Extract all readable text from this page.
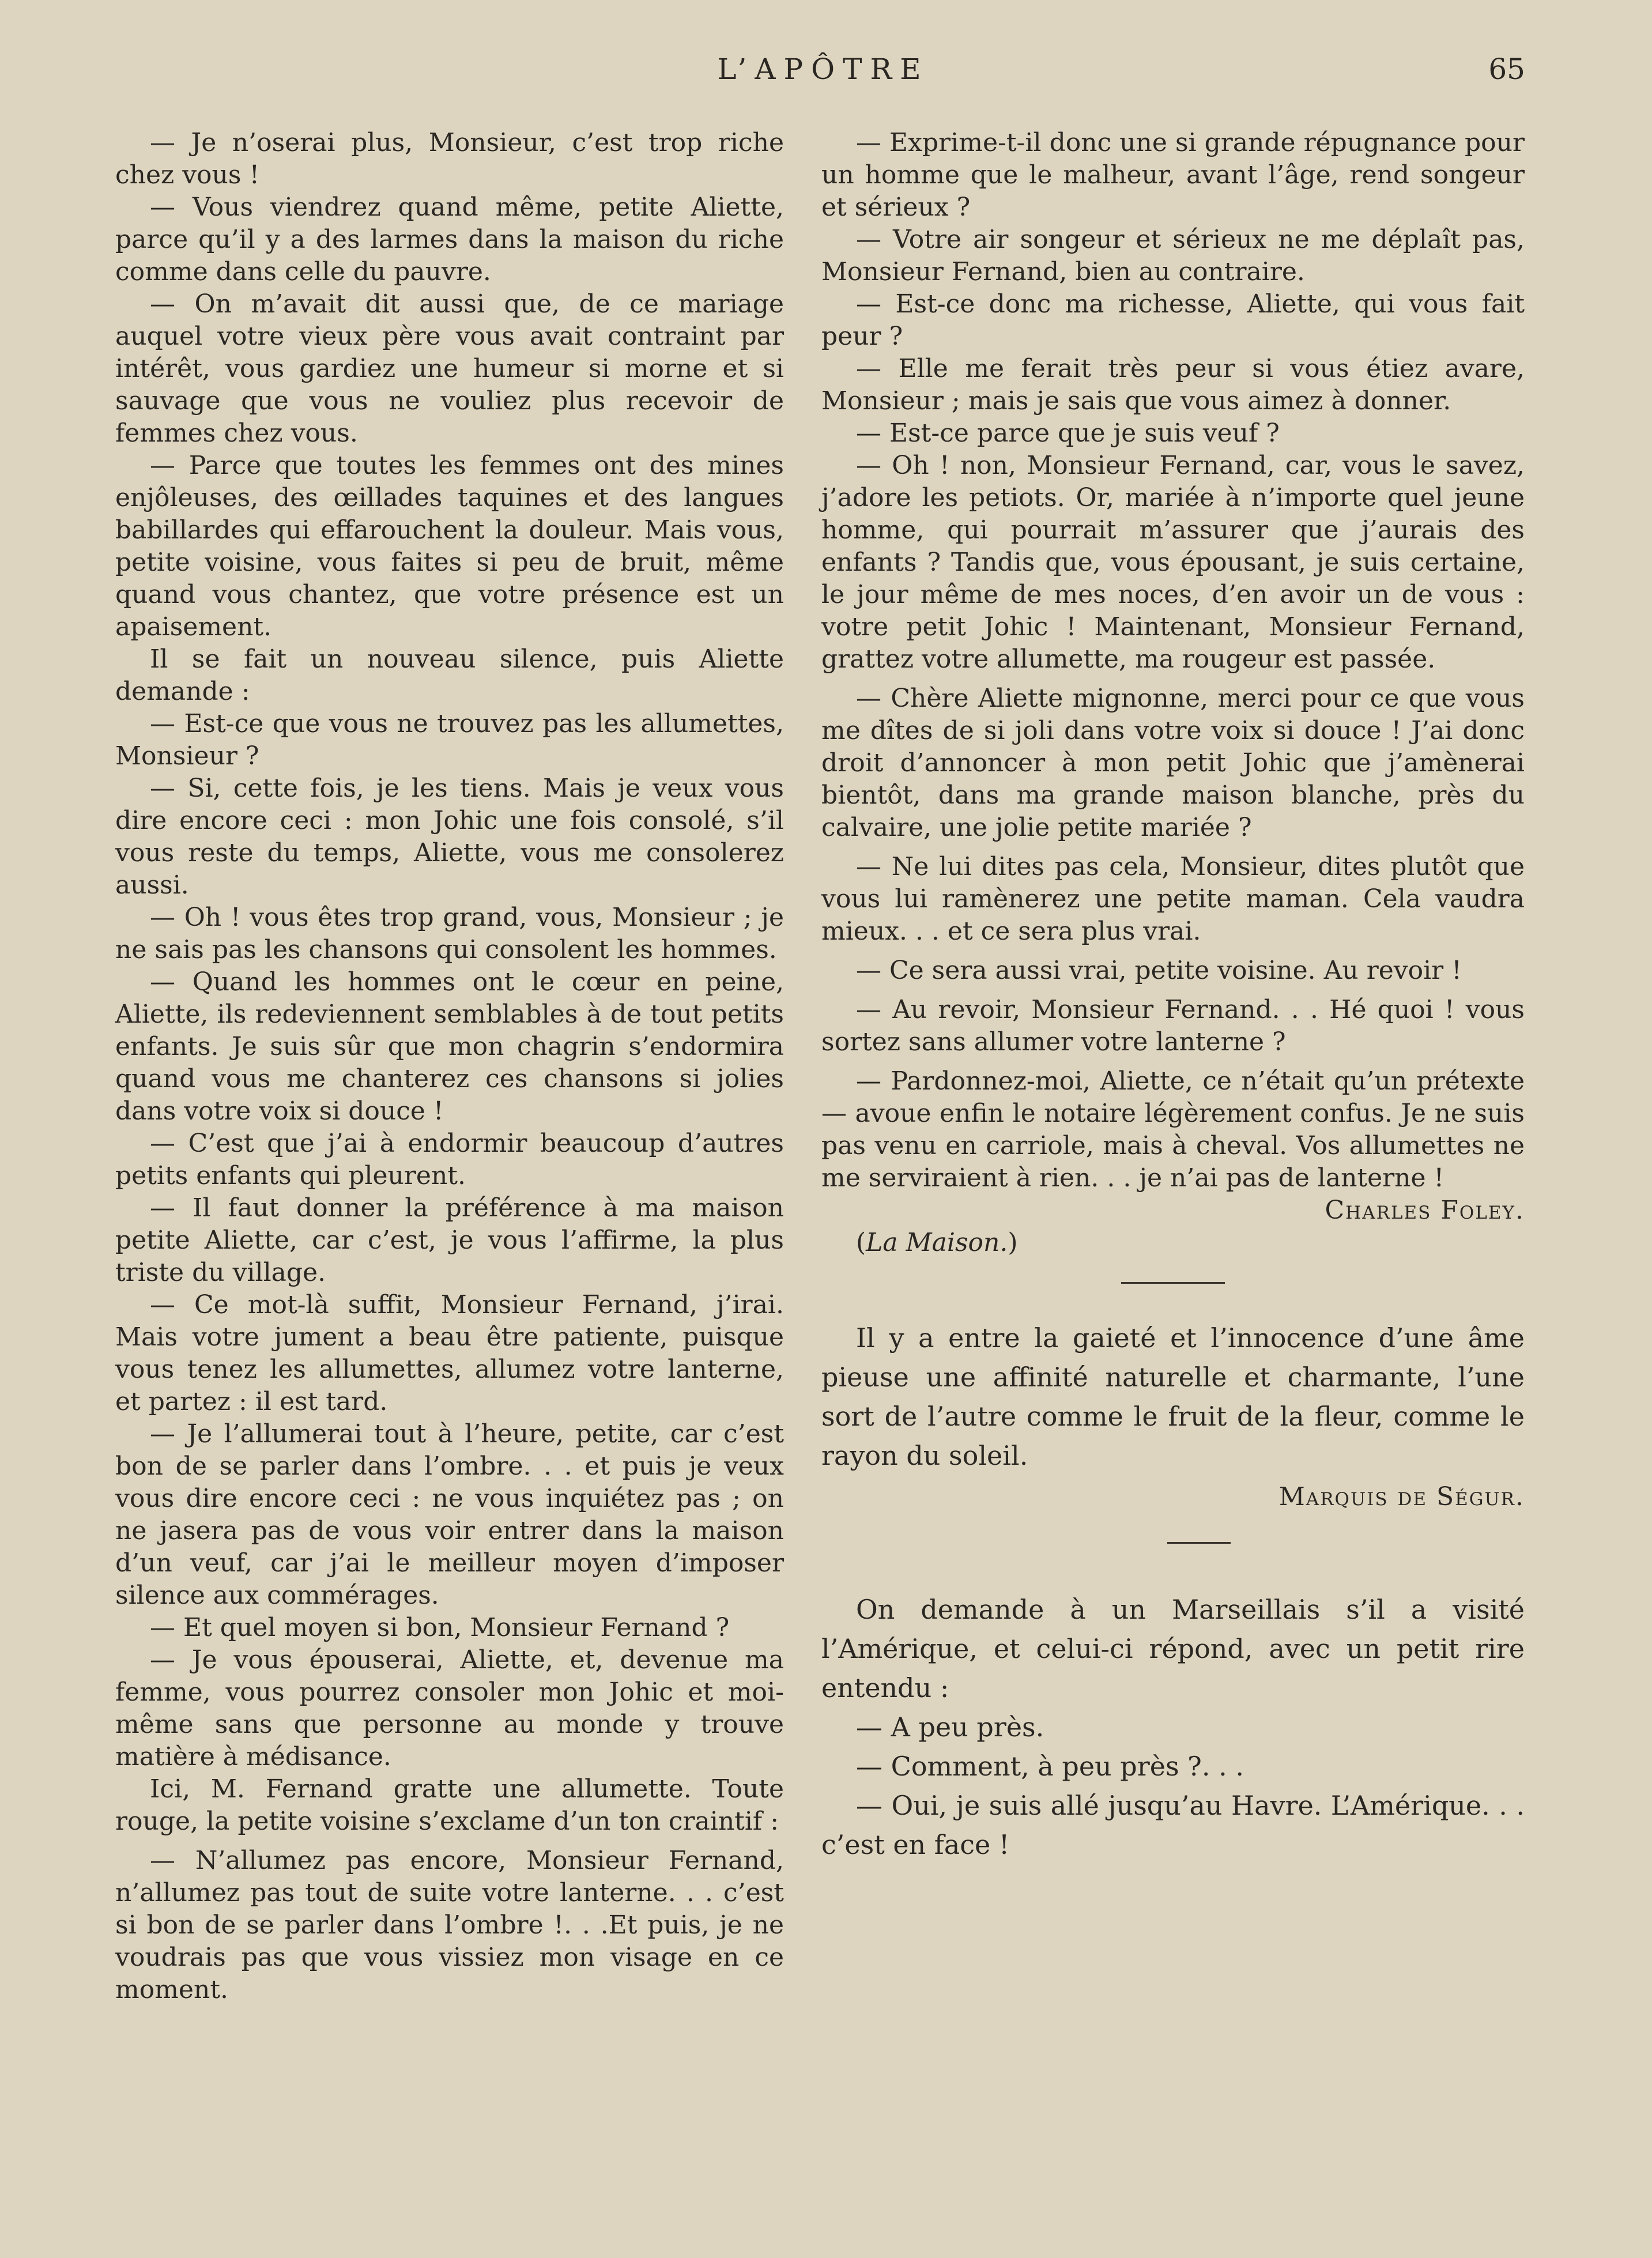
L’APÔTRE	65

— Je n’oserai plus, Monsieur, c’est trop riche chez vous !

— Vous viendrez quand même, petite Aliette, parce qu’il y a des larmes dans la maison du riche comme dans celle du pauvre.

— On m’avait dit aussi que, de ce mariage auquel votre vieux père vous avait contraint par intérêt, vous gardiez une humeur si morne et si sauvage que vous ne vouliez plus recevoir de femmes chez vous.

— Parce que toutes les femmes ont des mines enjôleuses, des œillades taquines et des langues babillardes qui effarouchent la douleur. Mais vous, petite voisine, vous faites si peu de bruit, même quand vous chantez, que votre présence est un apaisement.

Il se fait un nouveau silence, puis Aliette demande :

— Est-ce que vous ne trouvez pas les allumettes, Monsieur ?

— Si, cette fois, je les tiens. Mais je veux vous dire encore ceci : mon Johic une fois consolé, s’il vous reste du temps, Aliette, vous me consolerez aussi.

— Oh ! vous êtes trop grand, vous, Monsieur ; je ne sais pas les chansons qui consolent les hommes.

— Quand les hommes ont le cœur en peine, Aliette, ils redeviennent semblables à de tout petits enfants. Je suis sûr que mon chagrin s’endormira quand vous me chanterez ces chansons si jolies dans votre voix si douce !

— C’est que j’ai à endormir beaucoup d’autres petits enfants qui pleurent.

— Il faut donner la préférence à ma maison petite Aliette, car c’est, je vous l’affirme, la plus triste du village.

— Ce mot-là suffit, Monsieur Fernand, j’irai. Mais votre jument a beau être patiente, puisque vous tenez les allumettes, allumez votre lanterne, et partez : il est tard.

— Je l’allumerai tout à l’heure, petite, car c’est bon de se parler dans l’ombre. . . et puis je veux vous dire encore ceci : ne vous inquiétez pas ; on ne jasera pas de vous voir entrer dans la maison d’un veuf, car j’ai le meilleur moyen d’imposer silence aux commérages.

— Et quel moyen si bon, Monsieur Fernand ?

— Je vous épouserai, Aliette, et, devenue ma femme, vous pourrez consoler mon Johic et moi-même sans que personne au monde y trouve matière à médisance.

Ici, M. Fernand gratte une allumette. Toute rouge, la petite voisine s’exclame d’un ton craintif :

— N’allumez pas encore, Monsieur Fernand, n’allumez pas tout de suite votre lanterne. . . c’est si bon de se parler dans l’ombre !. . .Et puis, je ne voudrais pas que vous vissiez mon visage en ce moment.

— Exprime-t-il donc une si grande répugnance pour un homme que le malheur, avant l’âge, rend songeur et sérieux ?

— Votre air songeur et sérieux ne me déplaît pas, Monsieur Fernand, bien au contraire.

— Est-ce donc ma richesse, Aliette, qui vous fait peur ?

— Elle me ferait très peur si vous étiez avare, Monsieur ; mais je sais que vous aimez à donner.

— Est-ce parce que je suis veuf ?

— Oh ! non, Monsieur Fernand, car, vous le savez, j’adore les petiots. Or, mariée à n’importe quel jeune homme, qui pourrait m’assurer que j’aurais des enfants ? Tandis que, vous épousant, je suis certaine, le jour même de mes noces, d’en avoir un de vous : votre petit Johic ! Maintenant, Monsieur Fernand, grattez votre allumette, ma rougeur est passée.

— Chère Aliette mignonne, merci pour ce que vous me dîtes de si joli dans votre voix si douce ! J’ai donc droit d’annoncer à mon petit Johic que j’amènerai bientôt, dans ma grande maison blanche, près du calvaire, une jolie petite mariée ?

— Ne lui dites pas cela, Monsieur, dites plutôt que vous lui ramènerez une petite maman. Cela vaudra mieux. . . et ce sera plus vrai.

— Ce sera aussi vrai, petite voisine. Au revoir !

— Au revoir, Monsieur Fernand. . . Hé quoi ! vous sortez sans allumer votre lanterne ?

— Pardonnez-moi, Aliette, ce n’était qu’un prétexte — avoue enfin le notaire légèrement confus. Je ne suis pas venu en carriole, mais à cheval. Vos allumettes ne me serviraient à rien. . . je n’ai pas de lanterne !

Charles Foley.

(La Maison.)

Il y a entre la gaieté et l’innocence d’une âme pieuse une affinité naturelle et charmante, l’une sort de l’autre comme le fruit de la fleur, comme le rayon du soleil.

Marquis de Ségur.

On demande à un Marseillais s’il a visité l’Amérique, et celui-ci répond, avec un petit rire entendu :

— A peu près.

— Comment, à peu près ?. . .

— Oui, je suis allé jusqu’au Havre. L’Amérique. . . c’est en face !
